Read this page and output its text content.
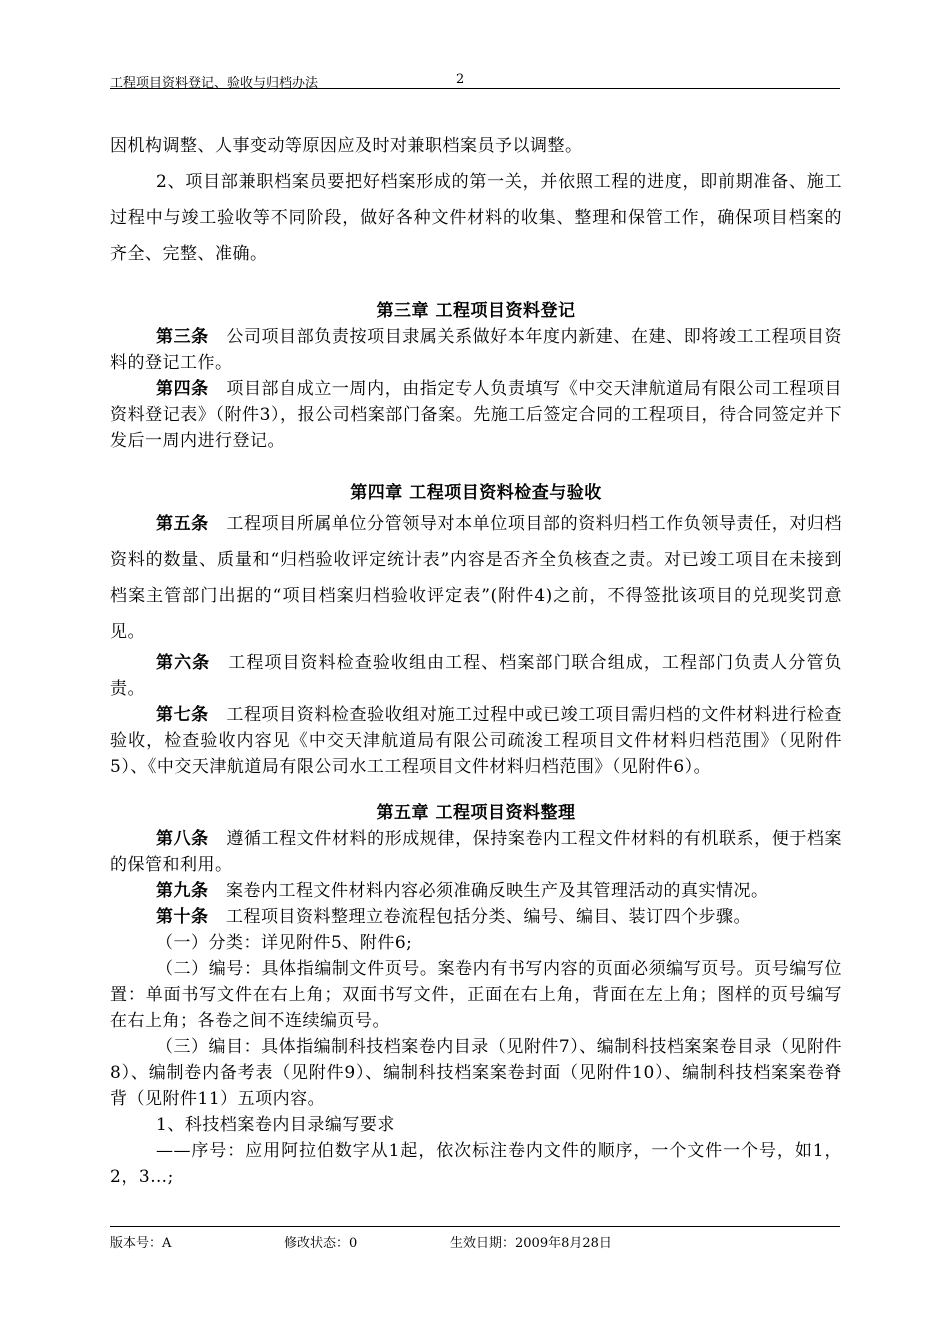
工程项目资料登记、验收与归档办法	2

因机构调整、人事变动等原因应及时对兼职档案员予以调整。

2、项目部兼职档案员要把好档案形成的第一关，并依照工程的进度，即前期准备、施工过程中与竣工验收等不同阶段，做好各种文件材料的收集、整理和保管工作，确保项目档案的齐全、完整、准确。

第三章 工程项目资料登记

第三条　 公司项目部负责按项目隶属关系做好本年度内新建、在建、即将竣工工程项目资料的登记工作。

第四条　 项目部自成立一周内，由指定专人负责填写《中交天津航道局有限公司工程项目资料登记表》（附件3），报公司档案部门备案。先施工后签定合同的工程项目，待合同签定并下发后一周内进行登记。

第四章 工程项目资料检查与验收

第五条　 工程项目所属单位分管领导对本单位项目部的资料归档工作负领导责任，对归档资料的数量、质量和“归档验收评定统计表”内容是否齐全负核查之责。对已竣工项目在未接到档案主管部门出据的“项目档案归档验收评定表”(附件4)之前，不得签批该项目的兑现奖罚意见。

第六条　 工程项目资料检查验收组由工程、档案部门联合组成，工程部门负责人分管负责。

第七条　 工程项目资料检查验收组对施工过程中或已竣工项目需归档的文件材料进行检查验收，检查验收内容见《中交天津航道局有限公司疏浚工程项目文件材料归档范围》（见附件5）、《中交天津航道局有限公司水工工程项目文件材料归档范围》（见附件6）。

第五章 工程项目资料整理

第八条　 遵循工程文件材料的形成规律，保持案卷内工程文件材料的有机联系，便于档案的保管和利用。

第九条　 案卷内工程文件材料内容必须准确反映生产及其管理活动的真实情况。

第十条　 工程项目资料整理立卷流程包括分类、编号、编目、装订四个步骤。

（一）分类：详见附件5、附件6;

（二）编号：具体指编制文件页号。案卷内有书写内容的页面必须编写页号。页号编写位置：单面书写文件在右上角；双面书写文件，正面在右上角，背面在左上角；图样的页号编写在右上角；各卷之间不连续编页号。

（三）编目：具体指编制科技档案卷内目录（见附件7）、编制科技档案案卷目录（见附件8）、编制卷内备考表（见附件9）、编制科技档案案卷封面（见附件10）、编制科技档案案卷脊背（见附件11）五项内容。

1、科技档案卷内目录编写要求

——序号：应用阿拉伯数字从1起，依次标注卷内文件的顺序，一个文件一个号，如1，2，3…;

版本号：A	修改状态：0	生效日期：2009年8月28日
